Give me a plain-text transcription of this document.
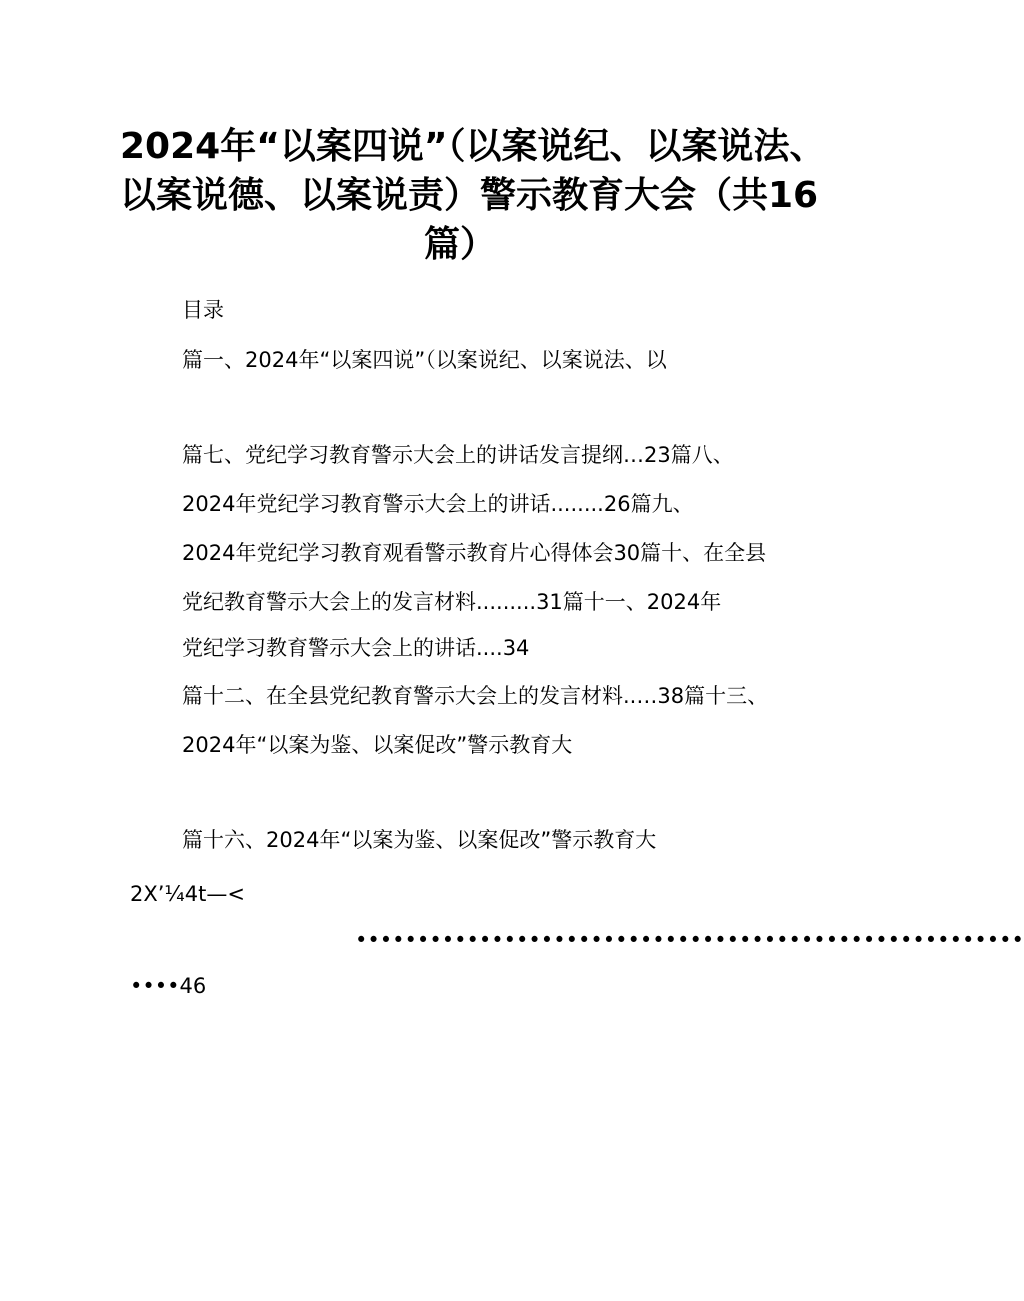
2024年“以案四说”（以案说纪、以案说法、
以案说德、以案说责）警示教育大会（共16
篇）
目录
篇一、2024年“以案四说”（以案说纪、以案说法、以
篇七、党纪学习教育警示大会上的讲话发言提纲…23篇八、
2024年党纪学习教育警示大会上的讲话........26篇九、
2024年党纪学习教育观看警示教育片心得体会30篇十、在全县
党纪教育警示大会上的发言材料.........31篇十一、2024年
党纪学习教育警示大会上的讲话....34
篇十二、在全县党纪教育警示大会上的发言材料..…38篇十三、
2024年“以案为鉴、以案促改”警示教育大
篇十六、2024年“以案为鉴、以案促改”警示教育大
2X’¼4t—<
••••••••••••••••••••••••••••••••••••••••••••••••••••••
••••46
